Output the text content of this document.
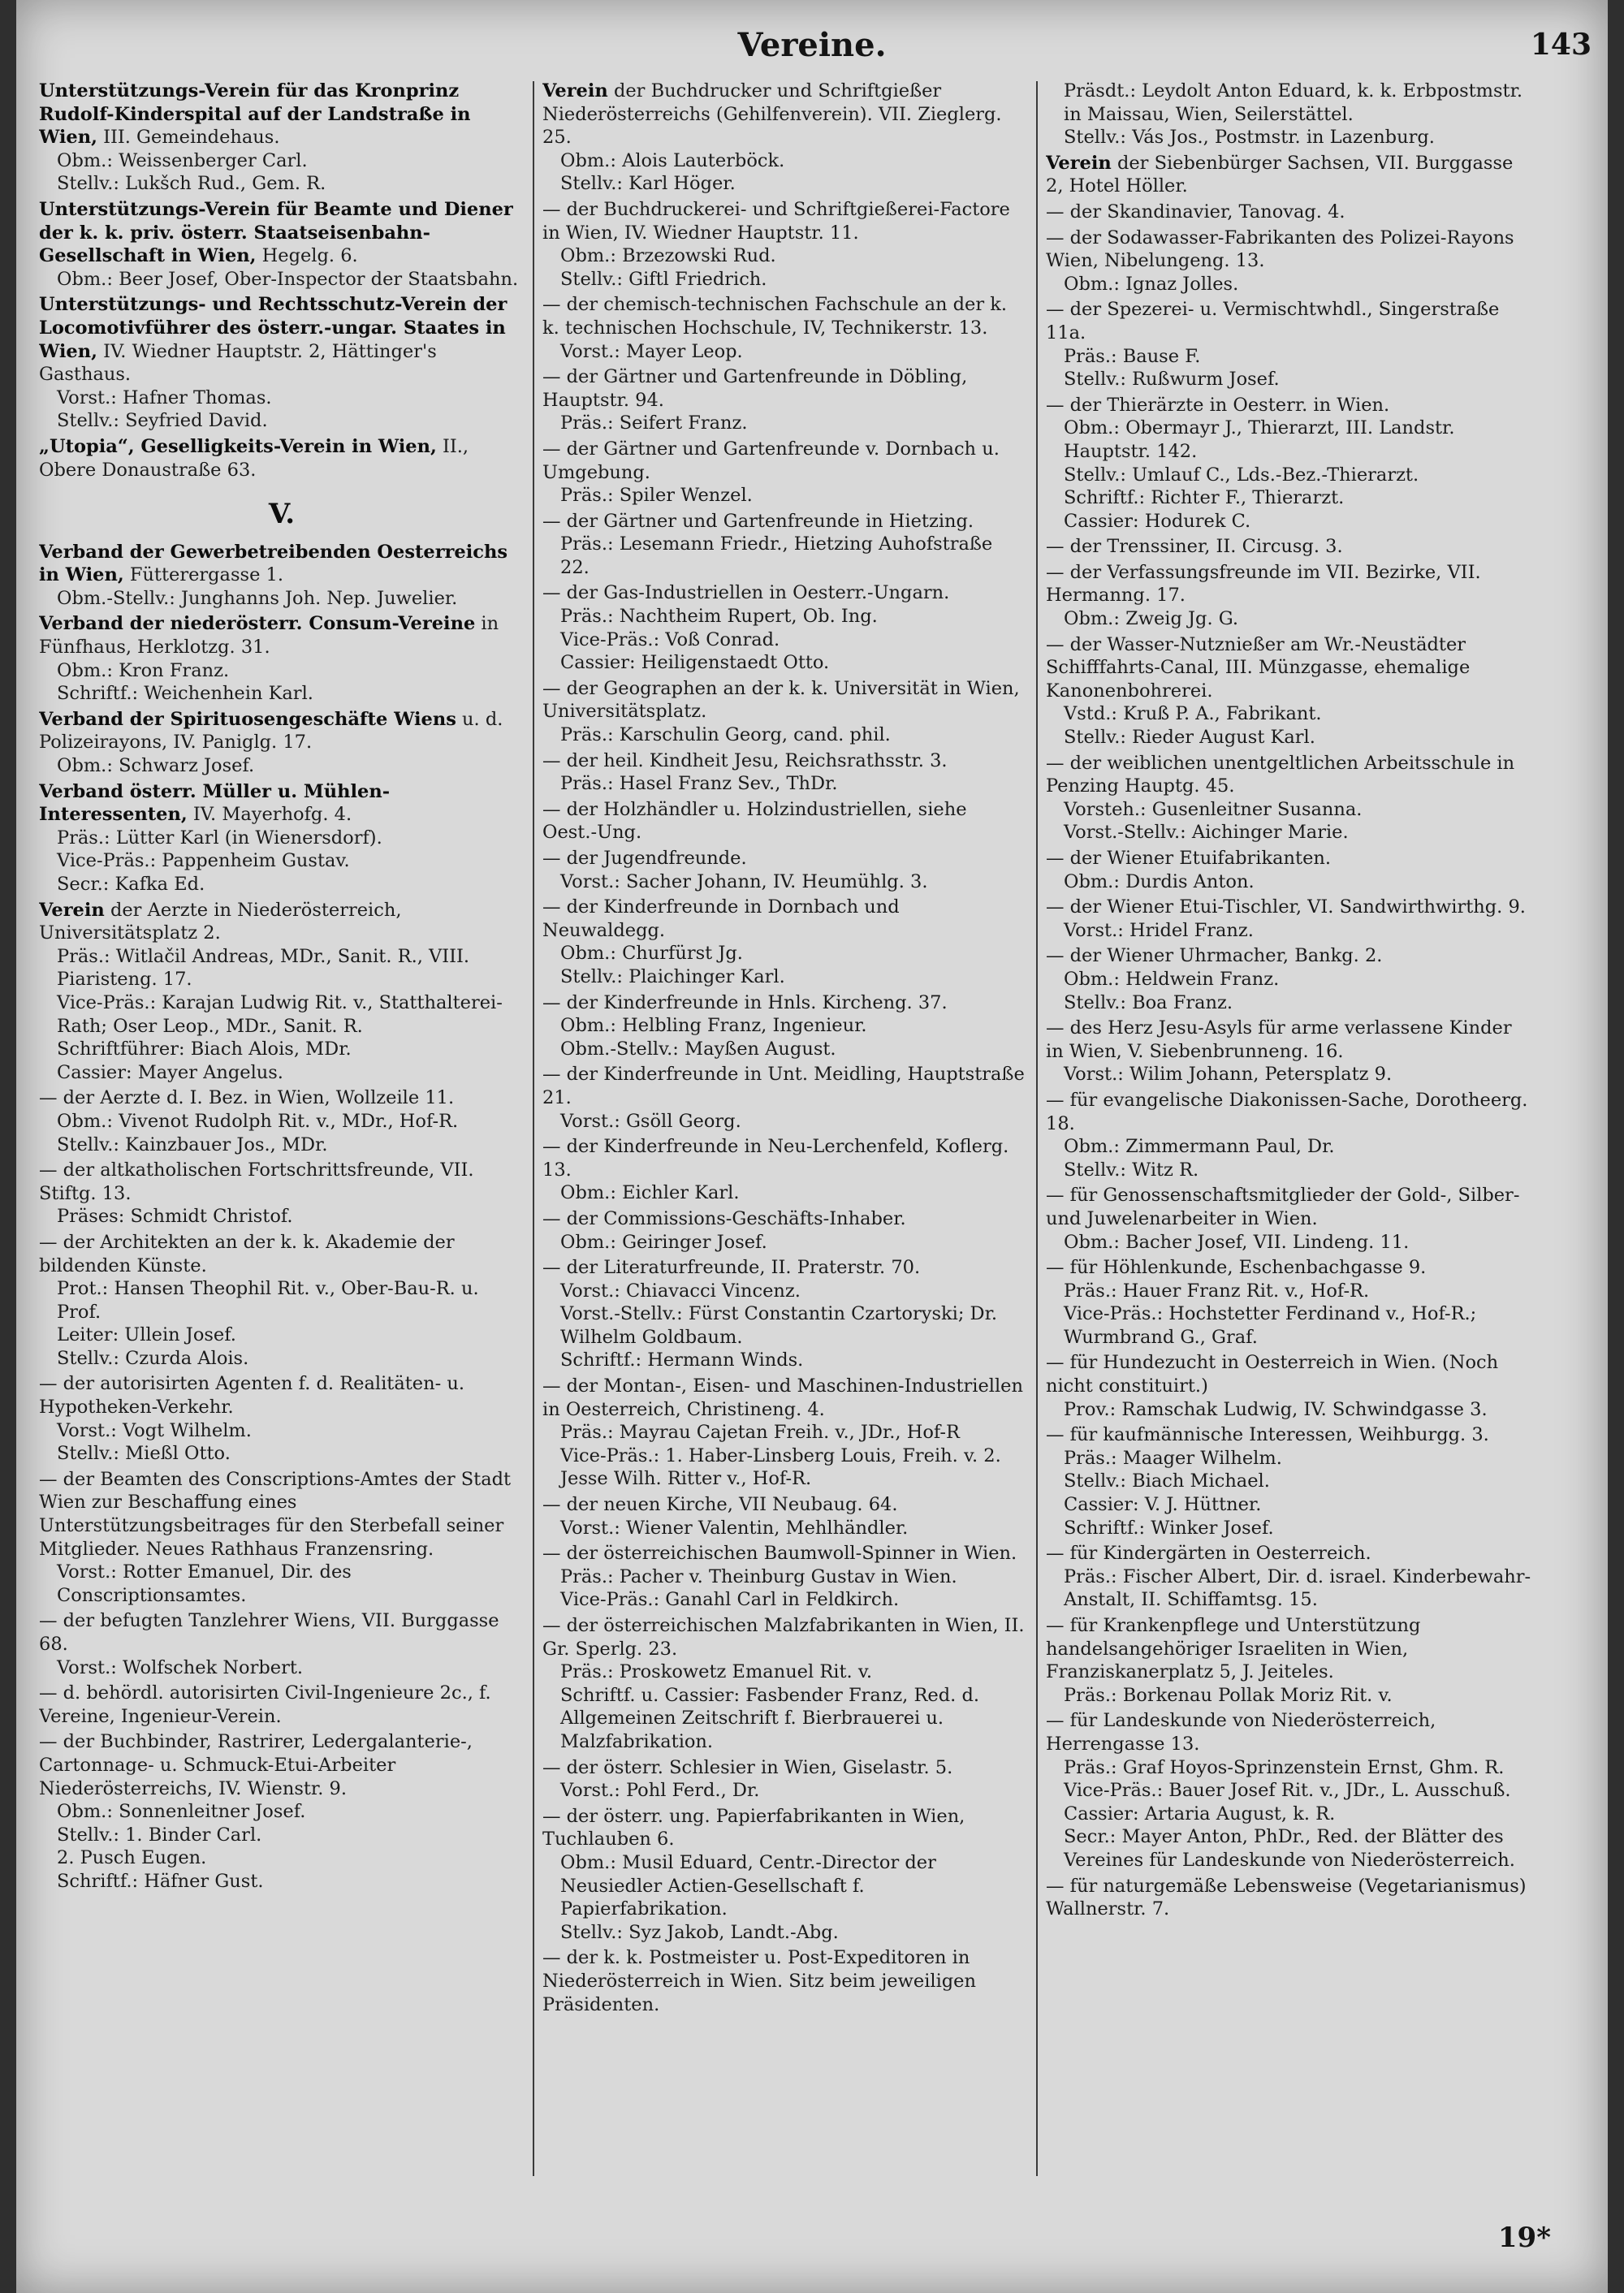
Vereine.	143
Unterstützungs-Verein für das Kronprinz Rudolf-Kinderspital auf der Landstraße in Wien, III. Gemeindehaus.
Obm.: Weissenberger Carl.
Stellv.: Lukšch Rud., Gem. R.
Unterstützungs-Verein für Beamte und Diener der k. k. priv. österr. Staatseisenbahn-Gesellschaft in Wien, Hegelg. 6.
Obm.: Beer Josef, Ober-Inspector der Staatsbahn.
Unterstützungs- und Rechtsschutz-Verein der Locomotivführer des österr.-ungar. Staates in Wien, IV. Wiedner Hauptstr. 2, Hättinger's Gasthaus.
Vorst.: Hafner Thomas.
Stellv.: Seyfried David.
„Utopia“, Geselligkeits-Verein in Wien, II., Obere Donaustraße 63.
V.
Verband der Gewerbetreibenden Oesterreichs in Wien, Fütterergasse 1.
Obm.-Stellv.: Junghanns Joh. Nep. Juwelier.
Verband der niederösterr. Consum-Vereine in Fünfhaus, Herklotzg. 31.
Obm.: Kron Franz.
Schriftf.: Weichenhein Karl.
Verband der Spirituosengeschäfte Wiens u. d. Polizeirayons, IV. Paniglg. 17.
Obm.: Schwarz Josef.
Verband österr. Müller u. Mühlen-Interessenten, IV. Mayerhofg. 4.
Präs.: Lütter Karl (in Wienersdorf).
Vice-Präs.: Pappenheim Gustav.
Secr.: Kafka Ed.
Verein der Aerzte in Niederösterreich, Universitätsplatz 2.
Präs.: Witlačil Andreas, MDr., Sanit. R., VIII. Piaristeng. 17.
Vice-Präs.: Karajan Ludwig Rit. v., Statthalterei-Rath; Oser Leop., MDr., Sanit. R.
Schriftführer: Biach Alois, MDr.
Cassier: Mayer Angelus.
— der Aerzte d. I. Bez. in Wien, Wollzeile 11.
Obm.: Vivenot Rudolph Rit. v., MDr., Hof-R.
Stellv.: Kainzbauer Jos., MDr.
— der altkatholischen Fortschrittsfreunde, VII. Stiftg. 13.
Präses: Schmidt Christof.
— der Architekten an der k. k. Akademie der bildenden Künste.
Prot.: Hansen Theophil Rit. v., Ober-Bau-R. u. Prof.
Leiter: Ullein Josef.
Stellv.: Czurda Alois.
— der autorisirten Agenten f. d. Realitäten- u. Hypotheken-Verkehr.
Vorst.: Vogt Wilhelm.
Stellv.: Mießl Otto.
— der Beamten des Conscriptions-Amtes der Stadt Wien zur Beschaffung eines Unterstützungsbeitrages für den Sterbefall seiner Mitglieder. Neues Rathhaus Franzensring.
Vorst.: Rotter Emanuel, Dir. des Conscriptionsamtes.
— der befugten Tanzlehrer Wiens, VII. Burggasse 68.
Vorst.: Wolfschek Norbert.
— d. behördl. autorisirten Civil-Ingenieure 2c., f. Vereine, Ingenieur-Verein.
— der Buchbinder, Rastrirer, Ledergalanterie-, Cartonnage- u. Schmuck-Etui-Arbeiter Niederösterreichs, IV. Wienstr. 9.
Obm.: Sonnenleitner Josef.
Stellv.: 1. Binder Carl.
2. Pusch Eugen.
Schriftf.: Häfner Gust.
Verein der Buchdrucker und Schriftgießer Niederösterreichs (Gehilfenverein). VII. Zieglerg. 25.
Obm.: Alois Lauterböck.
Stellv.: Karl Höger.
— der Buchdruckerei- und Schriftgießerei-Factore in Wien, IV. Wiedner Hauptstr. 11.
Obm.: Brzezowski Rud.
Stellv.: Giftl Friedrich.
— der chemisch-technischen Fachschule an der k. k. technischen Hochschule, IV, Technikerstr. 13.
Vorst.: Mayer Leop.
— der Gärtner und Gartenfreunde in Döbling, Hauptstr. 94.
Präs.: Seifert Franz.
— der Gärtner und Gartenfreunde v. Dornbach u. Umgebung.
Präs.: Spiler Wenzel.
— der Gärtner und Gartenfreunde in Hietzing.
Präs.: Lesemann Friedr., Hietzing Auhofstraße 22.
— der Gas-Industriellen in Oesterr.-Ungarn.
Präs.: Nachtheim Rupert, Ob. Ing.
Vice-Präs.: Voß Conrad.
Cassier: Heiligenstaedt Otto.
— der Geographen an der k. k. Universität in Wien, Universitätsplatz.
Präs.: Karschulin Georg, cand. phil.
— der heil. Kindheit Jesu, Reichsrathsstr. 3.
Präs.: Hasel Franz Sev., ThDr.
— der Holzhändler u. Holzindustriellen, siehe Oest.-Ung.
— der Jugendfreunde.
Vorst.: Sacher Johann, IV. Heumühlg. 3.
— der Kinderfreunde in Dornbach und Neuwaldegg.
Obm.: Churfürst Jg.
Stellv.: Plaichinger Karl.
— der Kinderfreunde in Hnls. Kircheng. 37.
Obm.: Helbling Franz, Ingenieur.
Obm.-Stellv.: Mayßen August.
— der Kinderfreunde in Unt. Meidling, Hauptstraße 21.
Vorst.: Gsöll Georg.
— der Kinderfreunde in Neu-Lerchenfeld, Koflerg. 13.
Obm.: Eichler Karl.
— der Commissions-Geschäfts-Inhaber.
Obm.: Geiringer Josef.
— der Literaturfreunde, II. Praterstr. 70.
Vorst.: Chiavacci Vincenz.
Vorst.-Stellv.: Fürst Constantin Czartoryski; Dr. Wilhelm Goldbaum.
Schriftf.: Hermann Winds.
— der Montan-, Eisen- und Maschinen-Industriellen in Oesterreich, Christineng. 4.
Präs.: Mayrau Cajetan Freih. v., JDr., Hof-R
Vice-Präs.: 1. Haber-Linsberg Louis, Freih. v. 2. Jesse Wilh. Ritter v., Hof-R.
— der neuen Kirche, VII Neubaug. 64.
Vorst.: Wiener Valentin, Mehlhändler.
— der österreichischen Baumwoll-Spinner in Wien.
Präs.: Pacher v. Theinburg Gustav in Wien.
Vice-Präs.: Ganahl Carl in Feldkirch.
— der österreichischen Malzfabrikanten in Wien, II. Gr. Sperlg. 23.
Präs.: Proskowetz Emanuel Rit. v.
Schriftf. u. Cassier: Fasbender Franz, Red. d. Allgemeinen Zeitschrift f. Bierbrauerei u. Malzfabrikation.
— der österr. Schlesier in Wien, Giselastr. 5.
Vorst.: Pohl Ferd., Dr.
— der österr. ung. Papierfabrikanten in Wien, Tuchlauben 6.
Obm.: Musil Eduard, Centr.-Director der Neusiedler Actien-Gesellschaft f. Papierfabrikation.
Stellv.: Syz Jakob, Landt.-Abg.
— der k. k. Postmeister u. Post-Expeditoren in Niederösterreich in Wien. Sitz beim jeweiligen Präsidenten.
Präsdt.: Leydolt Anton Eduard, k. k. Erbpostmstr. in Maissau, Wien, Seilerstättel.
Stellv.: Vás Jos., Postmstr. in Lazenburg.
Verein der Siebenbürger Sachsen, VII. Burggasse 2, Hotel Höller.
— der Skandinavier, Tanovag. 4.
— der Sodawasser-Fabrikanten des Polizei-Rayons Wien, Nibelungeng. 13.
Obm.: Ignaz Jolles.
— der Spezerei- u. Vermischtwhdl., Singerstraße 11a.
Präs.: Bause F.
Stellv.: Rußwurm Josef.
— der Thierärzte in Oesterr. in Wien.
Obm.: Obermayr J., Thierarzt, III. Landstr. Hauptstr. 142.
Stellv.: Umlauf C., Lds.-Bez.-Thierarzt.
Schriftf.: Richter F., Thierarzt.
Cassier: Hodurek C.
— der Trenssiner, II. Circusg. 3.
— der Verfassungsfreunde im VII. Bezirke, VII. Hermanng. 17.
Obm.: Zweig Jg. G.
— der Wasser-Nutznießer am Wr.-Neustädter Schifffahrts-Canal, III. Münzgasse, ehemalige Kanonenbohrerei.
Vstd.: Kruß P. A., Fabrikant.
Stellv.: Rieder August Karl.
— der weiblichen unentgeltlichen Arbeitsschule in Penzing Hauptg. 45.
Vorsteh.: Gusenleitner Susanna.
Vorst.-Stellv.: Aichinger Marie.
— der Wiener Etuifabrikanten.
Obm.: Durdis Anton.
— der Wiener Etui-Tischler, VI. Sandwirthwirthg. 9.
Vorst.: Hridel Franz.
— der Wiener Uhrmacher, Bankg. 2.
Obm.: Heldwein Franz.
Stellv.: Boa Franz.
— des Herz Jesu-Asyls für arme verlassene Kinder in Wien, V. Siebenbrunneng. 16.
Vorst.: Wilim Johann, Petersplatz 9.
— für evangelische Diakonissen-Sache, Dorotheerg. 18.
Obm.: Zimmermann Paul, Dr.
Stellv.: Witz R.
— für Genossenschaftsmitglieder der Gold-, Silber- und Juwelenarbeiter in Wien.
Obm.: Bacher Josef, VII. Lindeng. 11.
— für Höhlenkunde, Eschenbachgasse 9.
Präs.: Hauer Franz Rit. v., Hof-R.
Vice-Präs.: Hochstetter Ferdinand v., Hof-R.; Wurmbrand G., Graf.
— für Hundezucht in Oesterreich in Wien. (Noch nicht constituirt.)
Prov.: Ramschak Ludwig, IV. Schwindgasse 3.
— für kaufmännische Interessen, Weihburgg. 3.
Präs.: Maager Wilhelm.
Stellv.: Biach Michael.
Cassier: V. J. Hüttner.
Schriftf.: Winker Josef.
— für Kindergärten in Oesterreich.
Präs.: Fischer Albert, Dir. d. israel. Kinderbewahr-Anstalt, II. Schiffamtsg. 15.
— für Krankenpflege und Unterstützung handelsangehöriger Israeliten in Wien, Franziskanerplatz 5, J. Jeiteles.
Präs.: Borkenau Pollak Moriz Rit. v.
— für Landeskunde von Niederösterreich, Herrengasse 13.
Präs.: Graf Hoyos-Sprinzenstein Ernst, Ghm. R.
Vice-Präs.: Bauer Josef Rit. v., JDr., L. Ausschuß.
Cassier: Artaria August, k. R.
Secr.: Mayer Anton, PhDr., Red. der Blätter des Vereines für Landeskunde von Niederösterreich.
— für naturgemäße Lebensweise (Vegetarianismus) Wallnerstr. 7.
19*
